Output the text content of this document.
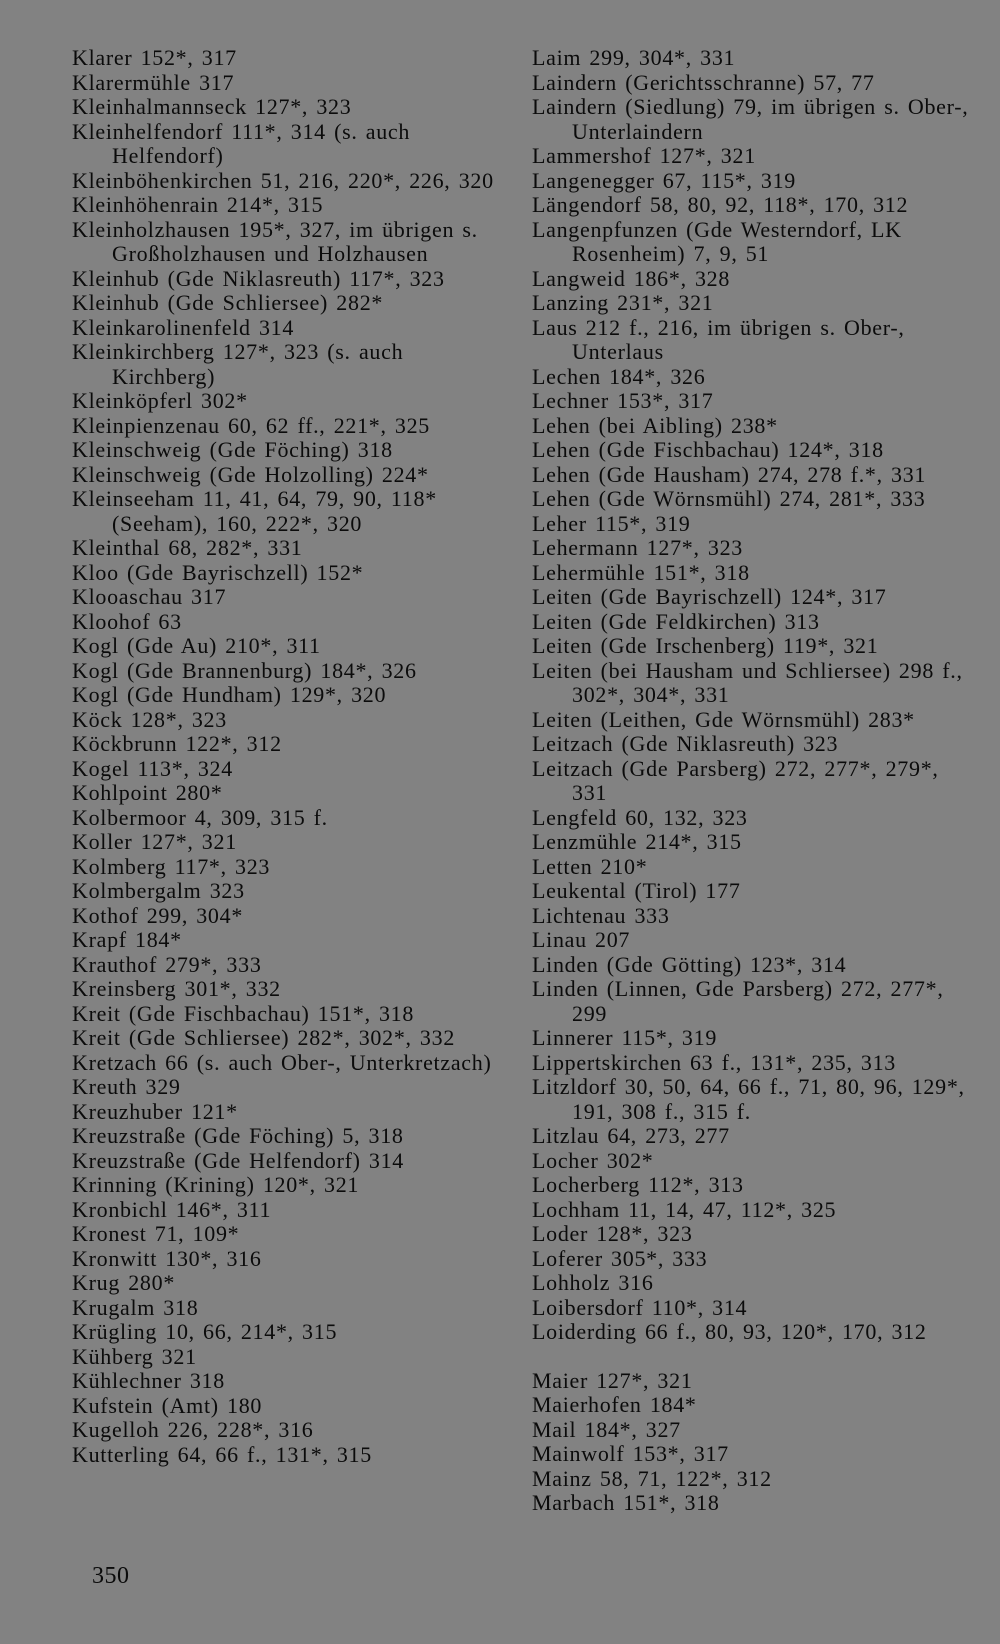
Klarer 152*, 317
Klarermühle 317
Kleinhalmannseck 127*, 323
Kleinhelfendorf 111*, 314 (s. auch Helfendorf)
Kleinböhenkirchen 51, 216, 220*, 226, 320
Kleinhöhenrain 214*, 315
Kleinholzhausen 195*, 327, im übrigen s. Großholzhausen und Holzhausen
Kleinhub (Gde Niklasreuth) 117*, 323
Kleinhub (Gde Schliersee) 282*
Kleinkarolinenfeld 314
Kleinkirchberg 127*, 323 (s. auch Kirchberg)
Kleinköpferl 302*
Kleinpienzenau 60, 62 ff., 221*, 325
Kleinschweig (Gde Föching) 318
Kleinschweig (Gde Holzolling) 224*
Kleinseeham 11, 41, 64, 79, 90, 118* (Seeham), 160, 222*, 320
Kleinthal 68, 282*, 331
Kloo (Gde Bayrischzell) 152*
Klooaschau 317
Kloohof 63
Kogl (Gde Au) 210*, 311
Kogl (Gde Brannenburg) 184*, 326
Kogl (Gde Hundham) 129*, 320
Köck 128*, 323
Köckbrunn 122*, 312
Kogel 113*, 324
Kohlpoint 280*
Kolbermoor 4, 309, 315 f.
Koller 127*, 321
Kolmberg 117*, 323
Kolmbergalm 323
Kothof 299, 304*
Krapf 184*
Krauthof 279*, 333
Kreinsberg 301*, 332
Kreit (Gde Fischbachau) 151*, 318
Kreit (Gde Schliersee) 282*, 302*, 332
Kretzach 66 (s. auch Ober-, Unterkretzach)
Kreuth 329
Kreuzhuber 121*
Kreuzstraße (Gde Föching) 5, 318
Kreuzstraße (Gde Helfendorf) 314
Krinning (Krining) 120*, 321
Kronbichl 146*, 311
Kronest 71, 109*
Kronwitt 130*, 316
Krug 280*
Krugalm 318
Krügling 10, 66, 214*, 315
Kühberg 321
Kühlechner 318
Kufstein (Amt) 180
Kugelloh 226, 228*, 316
Kutterling 64, 66 f., 131*, 315
Laim 299, 304*, 331
Laindern (Gerichtsschranne) 57, 77
Laindern (Siedlung) 79, im übrigen s. Ober-, Unterlaindern
Lammershof 127*, 321
Langenegger 67, 115*, 319
Längendorf 58, 80, 92, 118*, 170, 312
Langenpfunzen (Gde Westerndorf, LK Rosenheim) 7, 9, 51
Langweid 186*, 328
Lanzing 231*, 321
Laus 212 f., 216, im übrigen s. Ober-, Unterlaus
Lechen 184*, 326
Lechner 153*, 317
Lehen (bei Aibling) 238*
Lehen (Gde Fischbachau) 124*, 318
Lehen (Gde Hausham) 274, 278 f.*, 331
Lehen (Gde Wörnsmühl) 274, 281*, 333
Leher 115*, 319
Lehermann 127*, 323
Lehermühle 151*, 318
Leiten (Gde Bayrischzell) 124*, 317
Leiten (Gde Feldkirchen) 313
Leiten (Gde Irschenberg) 119*, 321
Leiten (bei Hausham und Schliersee) 298 f., 302*, 304*, 331
Leiten (Leithen, Gde Wörnsmühl) 283*
Leitzach (Gde Niklasreuth) 323
Leitzach (Gde Parsberg) 272, 277*, 279*, 331
Lengfeld 60, 132, 323
Lenzmühle 214*, 315
Letten 210*
Leukental (Tirol) 177
Lichtenau 333
Linau 207
Linden (Gde Götting) 123*, 314
Linden (Linnen, Gde Parsberg) 272, 277*, 299
Linnerer 115*, 319
Lippertskirchen 63 f., 131*, 235, 313
Litzldorf 30, 50, 64, 66 f., 71, 80, 96, 129*, 191, 308 f., 315 f.
Litzlau 64, 273, 277
Locher 302*
Locherberg 112*, 313
Lochham 11, 14, 47, 112*, 325
Loder 128*, 323
Loferer 305*, 333
Lohholz 316
Loibersdorf 110*, 314
Loiderding 66 f., 80, 93, 120*, 170, 312
Maier 127*, 321
Maierhofen 184*
Mail 184*, 327
Mainwolf 153*, 317
Mainz 58, 71, 122*, 312
Marbach 151*, 318
350
